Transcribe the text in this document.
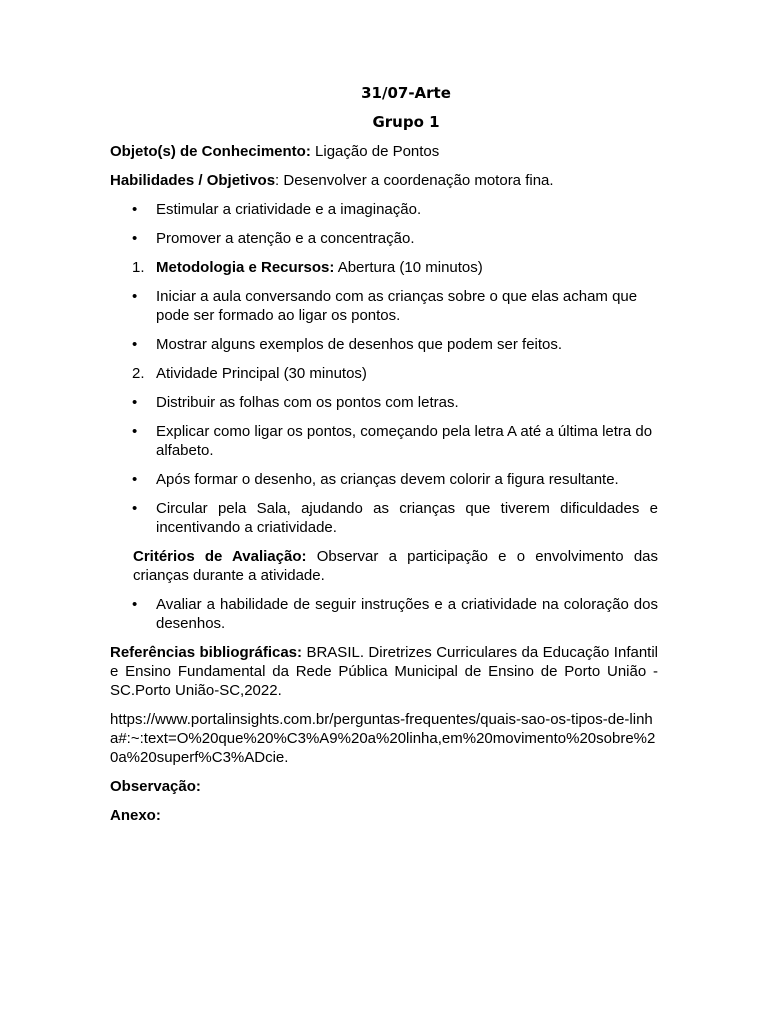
31/07-Arte
Grupo 1

Objeto(s) de Conhecimento: Ligação de Pontos

Habilidades / Objetivos: Desenvolver a coordenação motora fina.

• Estimular a criatividade e a imaginação.
• Promover a atenção e a concentração.
1. Metodologia e Recursos: Abertura (10 minutos)
• Iniciar a aula conversando com as crianças sobre o que elas acham que pode ser formado ao ligar os pontos.
• Mostrar alguns exemplos de desenhos que podem ser feitos.
2. Atividade Principal (30 minutos)
• Distribuir as folhas com os pontos com letras.
• Explicar como ligar os pontos, começando pela letra A até a última letra do alfabeto.
• Após formar o desenho, as crianças devem colorir a figura resultante.
• Circular pela Sala, ajudando as crianças que tiverem dificuldades e incentivando a criatividade.

Critérios de Avaliação: Observar a participação e o envolvimento das crianças durante a atividade.

• Avaliar a habilidade de seguir instruções e a criatividade na coloração dos desenhos.

Referências bibliográficas: BRASIL. Diretrizes Curriculares da Educação Infantil e Ensino Fundamental da Rede Pública Municipal de Ensino de Porto União -SC.Porto União-SC,2022.

https://www.portalinsights.com.br/perguntas-frequentes/quais-sao-os-tipos-de-linha#:~:text=O%20que%20%C3%A9%20a%20linha,em%20movimento%20sobre%20a%20superf%C3%ADcie.

Observação:

Anexo:
